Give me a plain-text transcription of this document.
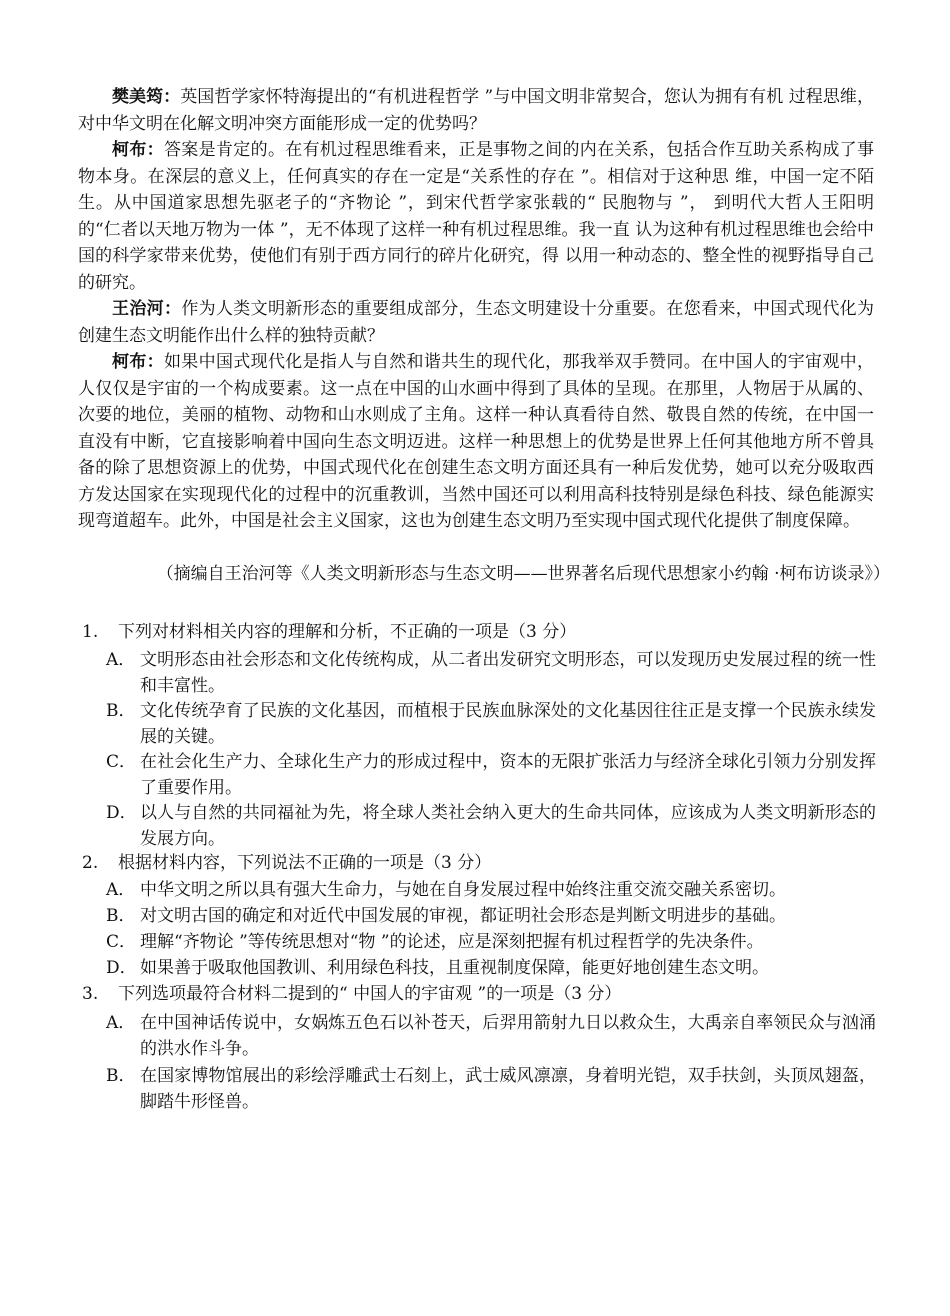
樊美筠：英国哲学家怀特海提出的“有机进程哲学 ”与中国文明非常契合，您认为拥有有机 过程思维，对中华文明在化解文明冲突方面能形成一定的优势吗？

柯布：答案是肯定的。在有机过程思维看来，正是事物之间的内在关系，包括合作互助关系构成了事物本身。在深层的意义上，任何真实的存在一定是“关系性的存在 ”。相信对于这种思 维，中国一定不陌生。从中国道家思想先驱老子的“齐物论 ”，到宋代哲学家张载的“ 民胞物与 ”， 到明代大哲人王阳明的“仁者以天地万物为一体 ”，无不体现了这样一种有机过程思维。我一直 认为这种有机过程思维也会给中国的科学家带来优势，使他们有别于西方同行的碎片化研究，得 以用一种动态的、整全性的视野指导自己的研究。

王治河：作为人类文明新形态的重要组成部分，生态文明建设十分重要。在您看来，中国式现代化为创建生态文明能作出什么样的独特贡献？

柯布：如果中国式现代化是指人与自然和谐共生的现代化，那我举双手赞同。在中国人的宇宙观中，人仅仅是宇宙的一个构成要素。这一点在中国的山水画中得到了具体的呈现。在那里，人物居于从属的、次要的地位，美丽的植物、动物和山水则成了主角。这样一种认真看待自然、敬畏自然的传统，在中国一直没有中断，它直接影响着中国向生态文明迈进。这样一种思想上的优势是世界上任何其他地方所不曾具备的除了思想资源上的优势，中国式现代化在创建生态文明方面还具有一种后发优势，她可以充分吸取西方发达国家在实现现代化的过程中的沉重教训，当然中国还可以利用高科技特别是绿色科技、绿色能源实现弯道超车。此外，中国是社会主义国家，这也为创建生态文明乃至实现中国式现代化提供了制度保障。

（摘编自王治河等《人类文明新形态与生态文明——世界著名后现代思想家小约翰 ·柯布访谈录》）

1. 下列对材料相关内容的理解和分析，不正确的一项是（3 分）
A． 文明形态由社会形态和文化传统构成，从二者出发研究文明形态，可以发现历史发展过程的统一性和丰富性。
B． 文化传统孕育了民族的文化基因，而植根于民族血脉深处的文化基因往往正是支撑一个民族永续发展的关键。
C． 在社会化生产力、全球化生产力的形成过程中，资本的无限扩张活力与经济全球化引领力分别发挥了重要作用。
D． 以人与自然的共同福祉为先，将全球人类社会纳入更大的生命共同体，应该成为人类文明新形态的发展方向。
2. 根据材料内容，下列说法不正确的一项是（3 分）
A． 中华文明之所以具有强大生命力，与她在自身发展过程中始终注重交流交融关系密切。
B． 对文明古国的确定和对近代中国发展的审视，都证明社会形态是判断文明进步的基础。
C． 理解“齐物论 ”等传统思想对“物 ”的论述，应是深刻把握有机过程哲学的先决条件。
D． 如果善于吸取他国教训、利用绿色科技，且重视制度保障，能更好地创建生态文明。
3. 下列选项最符合材料二提到的“ 中国人的宇宙观 ”的一项是（3 分）
A． 在中国神话传说中，女娲炼五色石以补苍天，后羿用箭射九日以救众生，大禹亲自率领民众与汹涌的洪水作斗争。
B． 在国家博物馆展出的彩绘浮雕武士石刻上，武士威风凛凛，身着明光铠，双手扶剑，头顶凤翅盔，脚踏牛形怪兽。
